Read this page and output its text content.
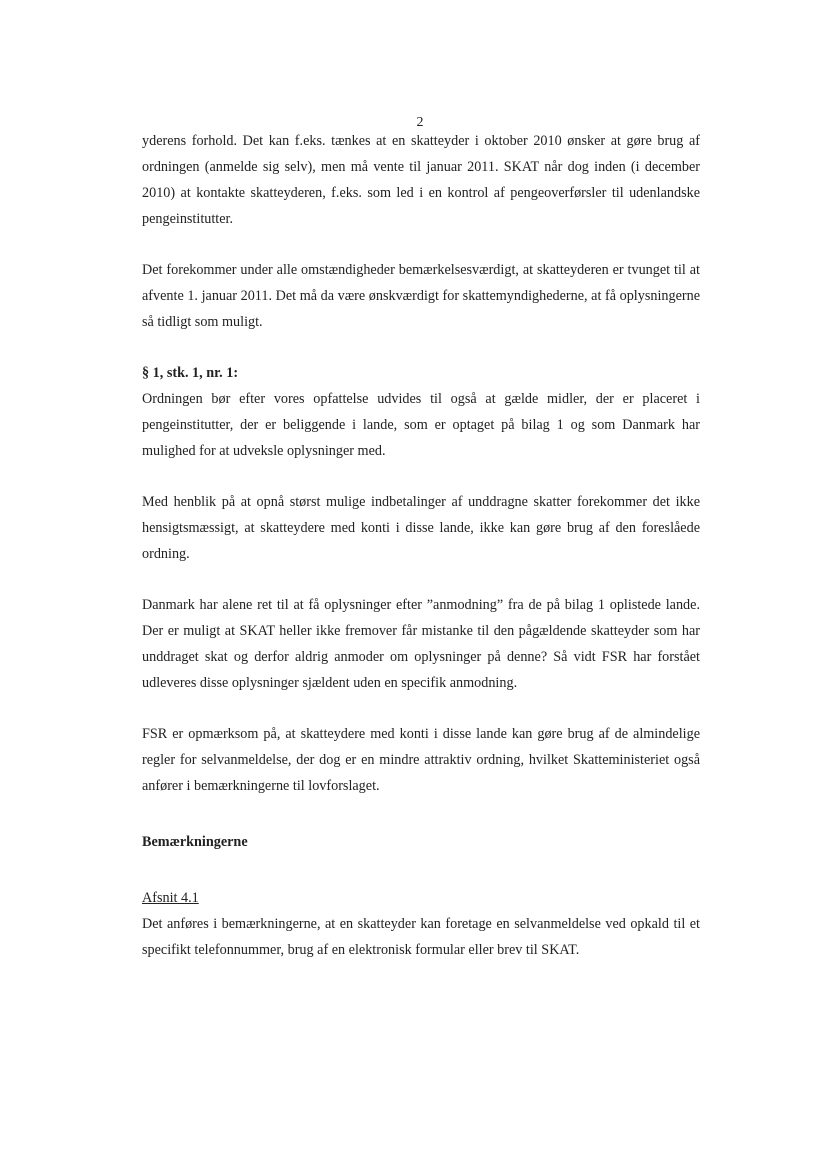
2

yderens forhold. Det kan f.eks. tænkes at en skatteyder i oktober 2010 ønsker at gøre brug af ordningen (anmelde sig selv), men må vente til januar 2011. SKAT når dog inden (i december 2010) at kontakte skatteyderen, f.eks. som led i en kontrol af pengeoverførsler til udenlandske pengeinstitutter.

Det forekommer under alle omstændigheder bemærkelsesværdigt, at skatteyderen er tvunget til at afvente 1. januar 2011. Det må da være ønskværdigt for skattemyndighederne, at få oplysningerne så tidligt som muligt.

§ 1, stk. 1, nr. 1:

Ordningen bør efter vores opfattelse udvides til også at gælde midler, der er placeret i pengeinstitutter, der er beliggende i lande, som er optaget på bilag 1 og som Danmark har mulighed for at udveksle oplysninger med.

Med henblik på at opnå størst mulige indbetalinger af unddragne skatter forekommer det ikke hensigtsmæssigt, at skatteydere med konti i disse lande, ikke kan gøre brug af den foreslåede ordning.

Danmark har alene ret til at få oplysninger efter ”anmodning” fra de på bilag 1 oplistede lande. Der er muligt at SKAT heller ikke fremover får mistanke til den pågældende skatteyder som har unddraget skat og derfor aldrig anmoder om oplysninger på denne? Så vidt FSR har forstået udleveres disse oplysninger sjældent uden en specifik anmodning.

FSR er opmærksom på, at skatteydere med konti i disse lande kan gøre brug af de almindelige regler for selvanmeldelse, der dog er en mindre attraktiv ordning, hvilket Skatteministeriet også anfører i bemærkningerne til lovforslaget.

Bemærkningerne

Afsnit 4.1

Det anføres i bemærkningerne, at en skatteyder kan foretage en selvanmeldelse ved opkald til et specifikt telefonnummer, brug af en elektronisk formular eller brev til SKAT.
